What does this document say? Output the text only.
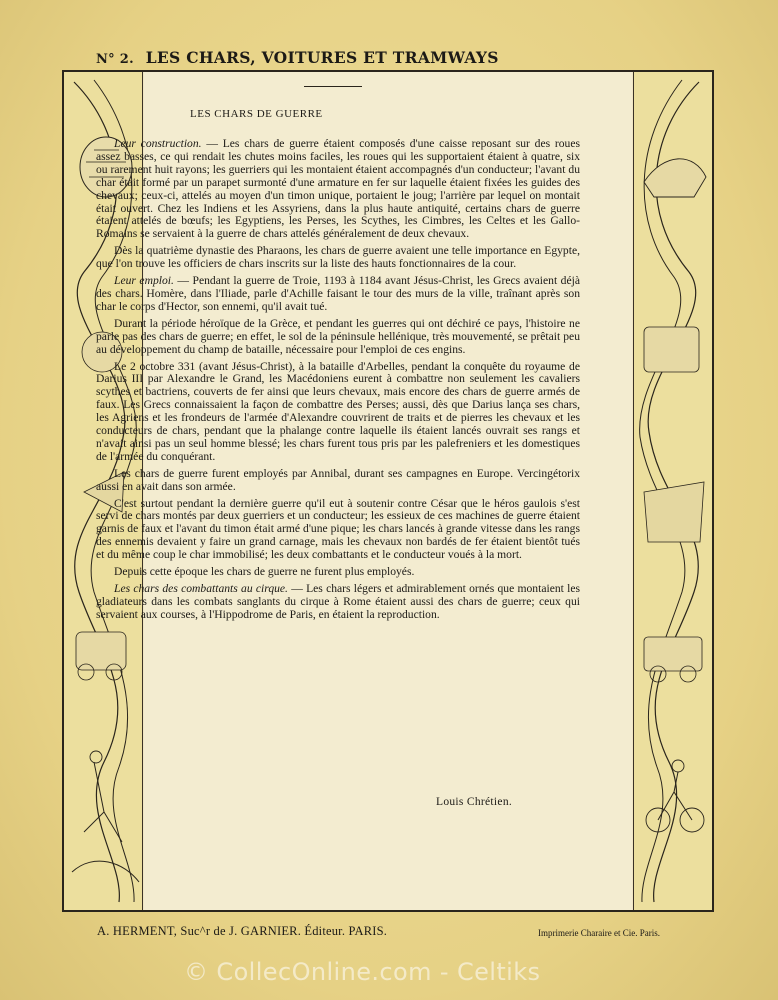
N° 2. LES CHARS, VOITURES ET TRAMWAYS
LES CHARS DE GUERRE

Leur construction. — Les chars de guerre étaient composés d'une caisse reposant sur des roues assez basses, ce qui rendait les chutes moins faciles, les roues qui les supportaient étaient à quatre, six ou rarement huit rayons; les guerriers qui les montaient étaient accompagnés d'un conducteur; l'avant du char était formé par un parapet surmonté d'une armature en fer sur laquelle étaient fixées les guides des chevaux; ceux-ci, attelés au moyen d'un timon unique, portaient le joug; l'arrière par lequel on montait était ouvert. Chez les Indiens et les Assyriens, dans la plus haute antiquité, certains chars de guerre étaient attelés de bœufs; les Egyptiens, les Perses, les Scythes, les Cimbres, les Celtes et les Gallo-Romains se servaient à la guerre de chars attelés généralement de deux chevaux.

Dès la quatrième dynastie des Pharaons, les chars de guerre avaient une telle importance en Egypte, que l'on trouve les officiers de chars inscrits sur la liste des hauts fonctionnaires de la cour.

Leur emploi. — Pendant la guerre de Troie, 1193 à 1184 avant Jésus-Christ, les Grecs avaient déjà des chars. Homère, dans l'Iliade, parle d'Achille faisant le tour des murs de la ville, traînant après son char le corps d'Hector, son ennemi, qu'il avait tué.

Durant la période héroïque de la Grèce, et pendant les guerres qui ont déchiré ce pays, l'histoire ne parle pas des chars de guerre; en effet, le sol de la péninsule hellénique, très mouvementé, se prêtait peu au développement du champ de bataille, nécessaire pour l'emploi de ces engins.

Le 2 octobre 331 (avant Jésus-Christ), à la bataille d'Arbelles, pendant la conquête du royaume de Darius III par Alexandre le Grand, les Macédoniens eurent à combattre non seulement les cavaliers scythes et bactriens, couverts de fer ainsi que leurs chevaux, mais encore des chars de guerre armés de faux. Les Grecs connaissaient la façon de combattre des Perses; aussi, dès que Darius lança ses chars, les Agriens et les frondeurs de l'armée d'Alexandre couvrirent de traits et de pierres les chevaux et les conducteurs de chars, pendant que la phalange contre laquelle ils étaient lancés ouvrait ses rangs et n'avait ainsi pas un seul homme blessé; les chars furent tous pris par les palefreniers et les domestiques de l'armée du conquérant.

Les chars de guerre furent employés par Annibal, durant ses campagnes en Europe. Vercingétorix aussi en avait dans son armée.

C'est surtout pendant la dernière guerre qu'il eut à soutenir contre César que le héros gaulois s'est servi de chars montés par deux guerriers et un conducteur; les essieux de ces machines de guerre étaient garnis de faux et l'avant du timon était armé d'une pique; les chars lancés à grande vitesse dans les rangs des ennemis devaient y faire un grand carnage, mais les chevaux non bardés de fer étaient bientôt tués et du même coup le char immobilisé; les deux combattants et le conducteur voués à la mort.

Depuis cette époque les chars de guerre ne furent plus employés.

Les chars des combattants au cirque. — Les chars légers et admirablement ornés que montaient les gladiateurs dans les combats sanglants du cirque à Rome étaient aussi des chars de guerre; ceux qui servaient aux courses, à l'Hippodrome de Paris, en étaient la reproduction.

Louis Chrétien.
A. HERMENT, Suc^r de J. GARNIER. Éditeur. PARIS.	Imprimerie Charaire et Cie. Paris.
© CollecOnline.com - Celtiks
